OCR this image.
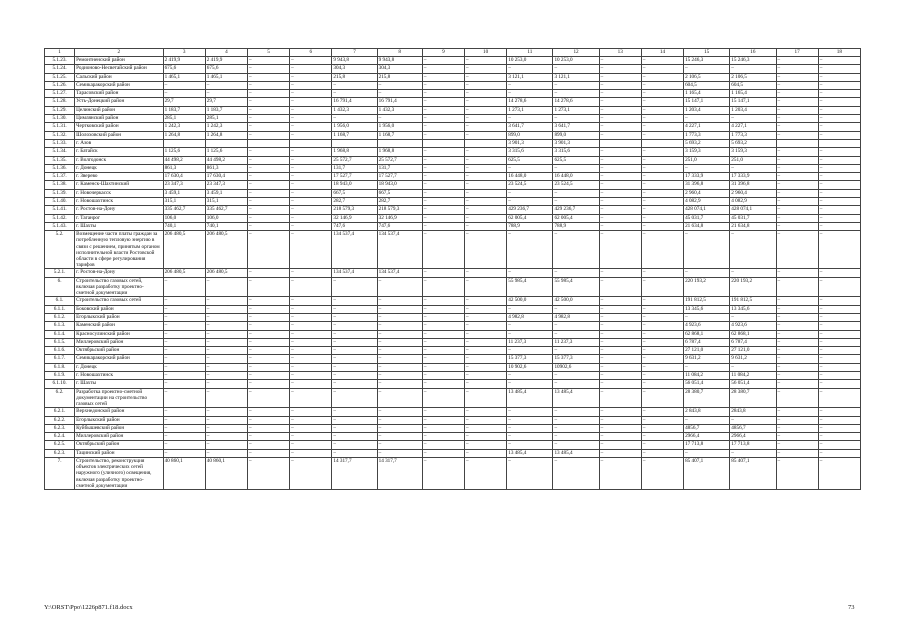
1	2	3	4	5	6	7	8	9	10	11	12	13	14	15	16	17	18
5.1.23.	Ремонтненский район	2 419,9	2 419,9	–	–	9 943,8	9 943,8	–	–	10 253,0	10 253,0	–	–	15 246,3	15 246,3	–	–
5.1.24.	Родионово-Несветайский район	675,6	675,6	–	–	304,3	304,3	–	–	–	–	–	–	–	–	–	–
5.1.25.	Сальский район	1 465,1	1 465,1	–	–	215,8	215,8	–	–	3 121,1	3 121,1	–	–	2 106,5	2 106,5	–	–
5.1.26.	Семикаракорский район	–	–	–	–	–	–	–	–	–	–	–	–	604,5	604,5	–	–
5.1.27.	Тарасовский район	–	–	–	–	–	–	–	–	–	–	–	–	1 165,4	1 165,4	–	–
5.1.28.	Усть-Донецкий район	29,7	29,7	–	–	16 791,4	16 791,4	–	–	14 278,6	14 278,6	–	–	15 147,1	15 147,1	–	–
5.1.29.	Целинский район	1 183,7	1 183,7	–	–	1 432,3	1 432,3	–	–	1 273,1	1 273,1	–	–	1 203,4	1 203,4	–	–
5.1.30.	Цимлянский район	285,1	285,1	–	–	–	–	–	–	–	–	–	–	–	–	–	–
5.1.31.	Чертковский район	1 242,3	1 242,3	–	–	1 956,0	1 956,0	–	–	3 641,7	3 641,7	–	–	4 227,1	4 227,1	–	–
5.1.32.	Шолоховский район	1 264,8	1 264,8	–	–	1 168,7	1 168,7	–	–	899,0	899,0	–	–	1 773,3	1 773,3	–	–
5.1.33.	г. Азов									3 901,3	3 901,3			5 693,2	5 693,2		
5.1.34.	г. Батайск	1 125,6	1 125,6	–	–	1 968,8	1 968,8	–	–	3 315,6	3 315,6	–	–	3 159,3	3 159,3	–	–
5.1.35.	г. Волгодонск	44 498,2	44 498,2	–	–	25 572,7	25 572,7	–	–	625,5	625,5	–	–	251,0	251,0	–	–
5.1.36.	г. Донецк	861,3	861,3	–	–	131,7	131,7	–	–	–	–	–	–	–	–	–	–
5.1.37.	г. Зверево	17 630,4	17 630,4	–	–	17 527,7	17 527,7	–	–	16 448,0	16 448,0	–	–	17 333,9	17 333,9	–	–
5.1.38.	г. Каменск-Шахтинский	23 347,3	23 347,3	–	–	18 943,0	18 943,0	–	–	23 524,5	23 524,5	–	–	31 396,8	31 396,8	–	–
5.1.39.	г. Новочеркасск	3 459,1	3 459,1	–	–	667,5	667,5	–	–	–	–	–	–	2 960,4	2 960,4	–	–
5.1.40.	г. Новошахтинск	315,1	315,1	–	–	282,7	282,7	–	–	–	–	–	–	4 082,9	4 082,9	–	–
5.1.41.	г. Ростов-на-Дону	335 462,7	335 462,7	–	–	218 579,3	218 579,3	–	–	429 236,7	429 236,7	–	–	428 074,1	428 074,1	–	–
5.1.42.	г. Таганрог	106,0	106,0	–	–	32 146,9	32 146,9	–	–	62 005,4	62 005,4	–	–	45 031,7	45 031,7	–	–
5.1.43.	г. Шахты	740,1	740,1	–	–	747,6	747,6	–	–	788,9	788,9	–	–	21 634,8	21 634,8	–	–
5.2.	Возмещение части платы граждан за потребленную тепловую энергию в связи с решением, принятым органом исполнительной власти Ростовской области в сфере регулирования тарифов	206 480,5	206 480,5	–	–	134 537,4	134 537,4	–	–	–	–	–	–	–	–	–	–
5.2.1.	г. Ростов-на-Дону	206 480,5	206 480,5	–	–	134 537,4	134 537,4	–	–	–	–	–	–	–	–	–	–
6.	Строительство газовых сетей, включая разработку проектно-сметной документации	–	–	–	–	–	–	–	–	55 985,4	55 985,4	–	–	220 193,2	220 193,2	–	–
6.1.	Строительство газовых сетей	–	–	–	–	–	–	–	–	42 500,0	42 500,0	–	–	191 812,5	191 812,5	–	–
6.1.1.	Боковский район	–	–	–	–	–	–	–	–	–	–	–	–	13 345,6	13 345,6	–	–
6.1.2.	Егорлыкский район	–	–	–	–	–	–	–	–	4 982,8	4 982,8	–	–	–	–	–	–
6.1.3.	Каменский район	–	–	–	–	–	–	–	–	–	–	–	–	4 923,6	4 923,6	–	–
6.1.4.	Красносулинский район	–	–	–	–	–	–	–	–	–	–	–	–	62 868,1	62 868,1	–	–
6.1.5.	Миллеровский район	–	–	–	–	–	–	–	–	11 237,3	11 237,3	–	–	6 787,4	6 787,4	–	–
6.1.6.	Октябрьский район	–	–	–	–	–	–	–	–	–	–	–	–	27 121,0	27 121,0	–	–
6.1.7.	Семикаракорский район	–	–	–	–	–	–	–	–	15 377,3	15 377,3	–	–	9 631,2	9 631,2	–	–
6.1.8.	г. Донецк	–	–	–	–	–	–	–	–	10 902,6	10902,6	–	–	–	–	–	–
6.1.9.	г. Новошахтинск	–	–	–	–	–	–	–	–	–	–	–	–	11 084,2	11 084,2	–	–
6.1.10.	г. Шахты	–	–	–	–	–	–	–	–	–	–	–	–	56 051,4	56 051,4	–	–
6.2.	Разработка проектно-сметной документации на строительство газовых сетей	–	–	–	–	–	–	–	–	13 485,4	13 485,4	–	–	28 380,7	28 380,7	–	–
6.2.1.	Верхнедонской район	–	–	–	–	–	–	–	–	–	–	–	–	2 843,8	2843,8	–	–
6.2.2.	Егорлыкский район	–	–	–	–	–	–	–	–	–	–	–	–	–	–	–	–
6.2.3.	Куйбышевский район	–	–	–	–	–	–	–	–	–	–	–	–	4856,7	4856,7	–	–
6.2.4.	Миллеровский район	–	–	–	–	–	–	–	–	–	–	–	–	2966,4	2966,4	–	–
6.2.5.	Октябрьский район	–	–	–	–	–	–	–	–	–	–	–	–	17 713,8	17 713,8	–	–
6.2.3.	Тацинский район	–	–	–	–	–	–	–	–	13 485,4	13 485,4	–	–	–	–	–	–
7.	Строительство, реконструкция объектов электрических сетей наружного (уличного) освещения, включая разработку проектно-сметной документации	40 860,1	40 860,1	–	–	14 317,7	14 317,7	–	–	–	–	–	–	85 407,1	85 407,1	–	–
Y:\ORST\Ppo\1226p871.f18.docx	73
